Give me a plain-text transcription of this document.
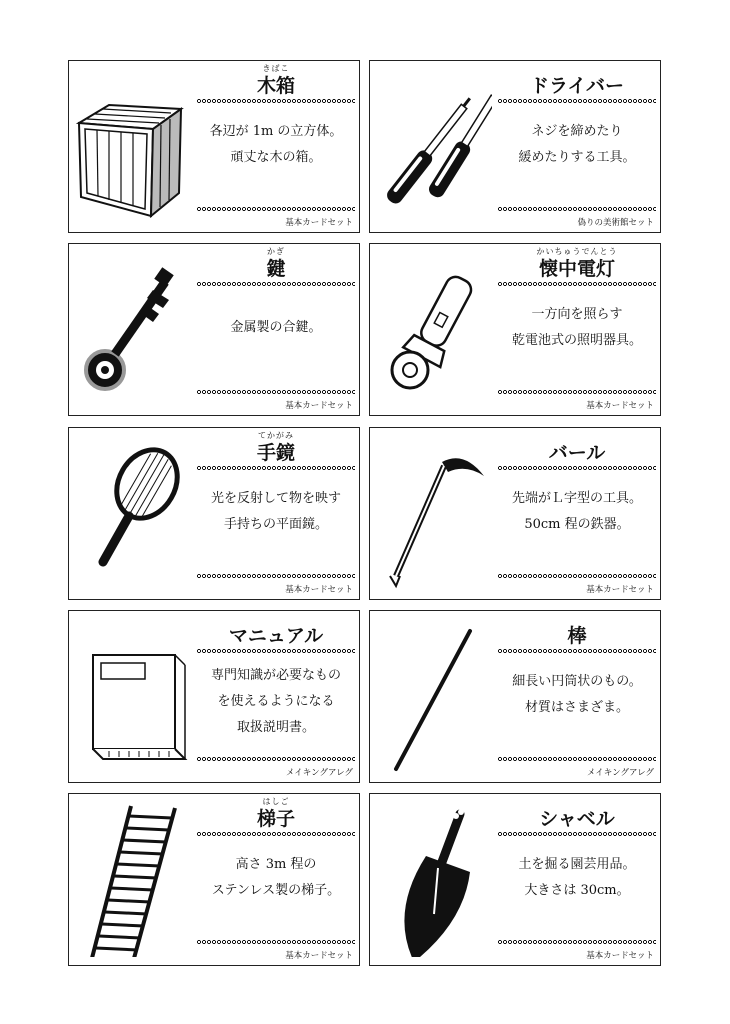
きばこ
木箱
各辺が 1m の立方体。
頑丈な木の箱。
基本カードセット
ドライバー
ネジを締めたり
緩めたりする工具。
偽りの美術館セット
かぎ
鍵
金属製の合鍵。
基本カードセット
かいちゅうでんとう
懐中電灯
一方向を照らす
乾電池式の照明器具。
基本カードセット
てかがみ
手鏡
光を反射して物を映す
手持ちの平面鏡。
基本カードセット
バール
先端がＬ字型の工具。
50cm 程の鉄器。
基本カードセット
マニュアル
専門知識が必要なもの
を使えるようになる
取扱説明書。
メイキングアレグ
棒
細長い円筒状のもの。
材質はさまざま。
メイキングアレグ
はしご
梯子
高さ 3m 程の
ステンレス製の梯子。
基本カードセット
シャベル
土を掘る園芸用品。
大きさは 30cm。
基本カードセット
